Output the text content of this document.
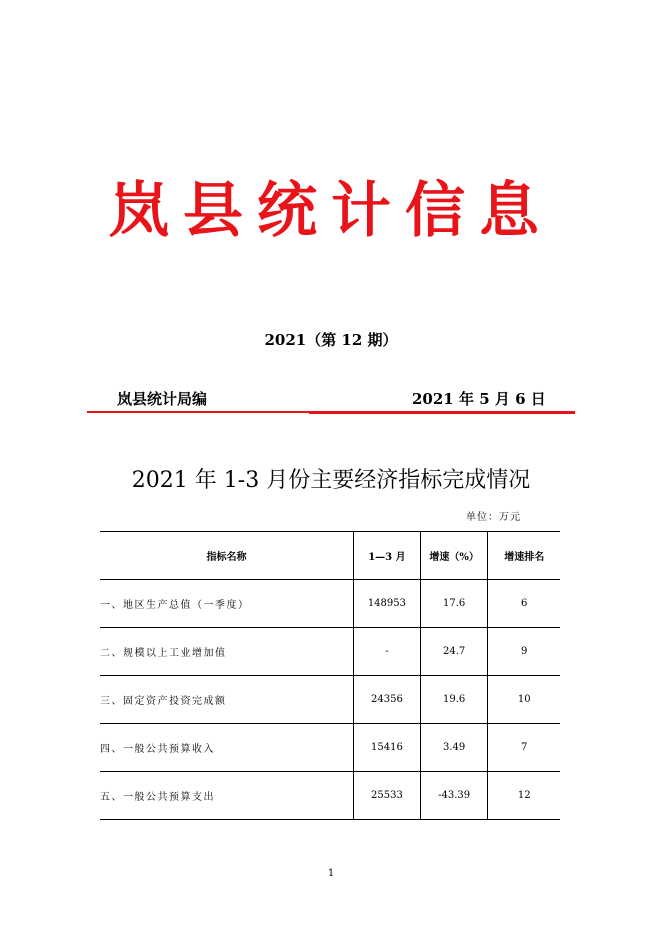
岚县统计信息
2021（第 12 期）
岚县统计局编	2021 年 5 月 6 日
2021 年 1-3 月份主要经济指标完成情况
单位：万元
指标名称	1—3 月	增速（%）	增速排名
一、地区生产总值（一季度）	148953	17.6	6
二、规模以上工业增加值	-	24.7	9
三、固定资产投资完成额	24356	19.6	10
四、一般公共预算收入	15416	3.49	7
五、一般公共预算支出	25533	-43.39	12
1
